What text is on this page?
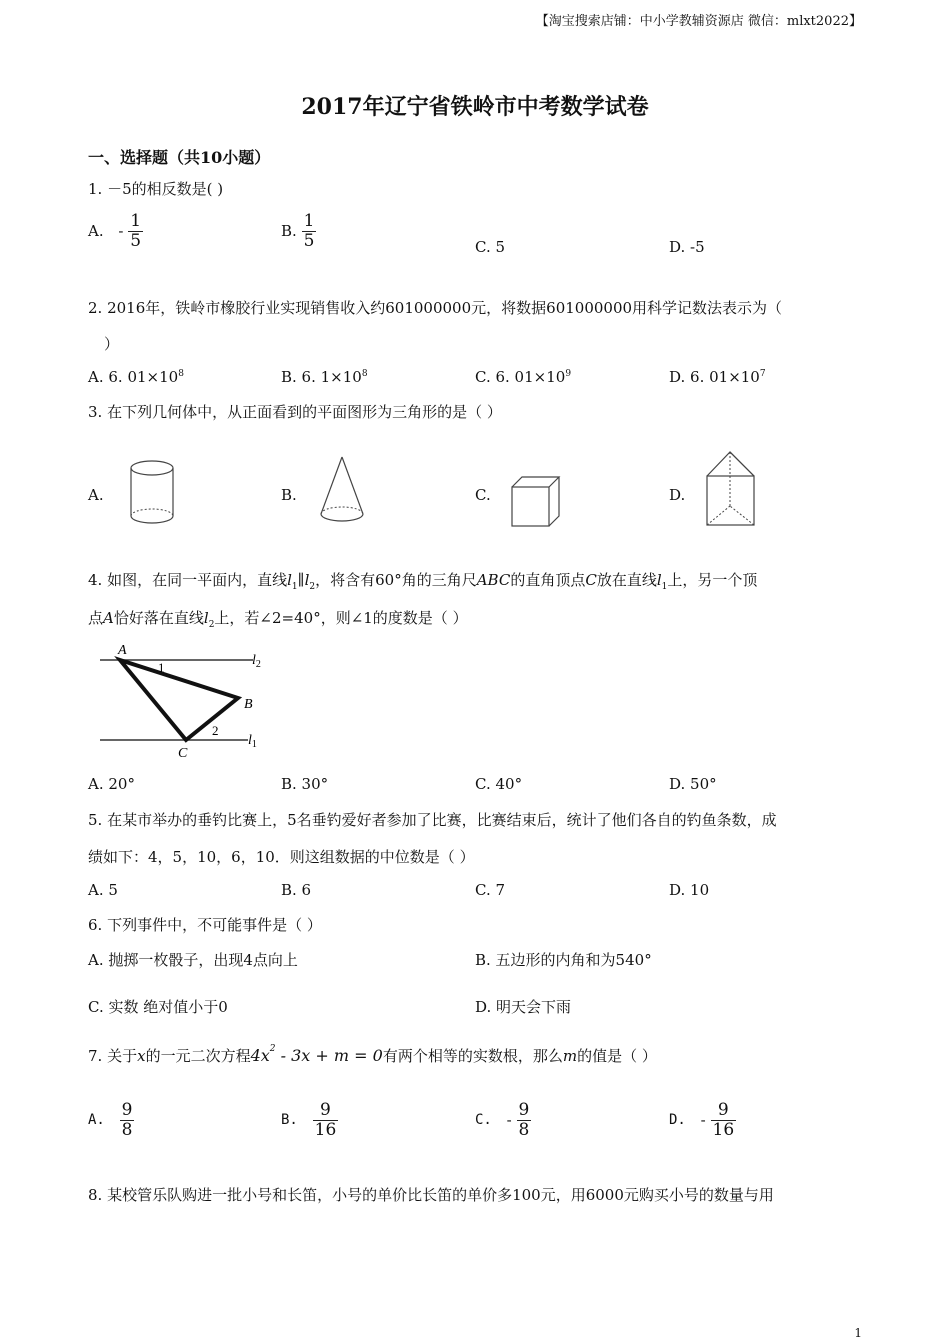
【淘宝搜索店铺：中小学教辅资源店 微信：mlxt2022】
2017年辽宁省铁岭市中考数学试卷
一、选择题（共10小题）
1. －5的相反数是( )
A. - $\frac{1}{5}$	B. $\frac{1}{5}$	C. 5	D. -5
2. 2016年，铁岭市橡胶行业实现销售收入约601000000元，将数据601000000用科学记数法表示为（
）
A. 6. $01\times 10^8$	B. 6. $1\times 10^8$	C. 6. $01\times 10^9$	D. 6. $01\times 10^7$
3. 在下列几何体中，从正面看到的平面图形为三角形的是（ ）
A.	B.	C.	D.
4. 如图，在同一平面内，直线$l_1\parallel l_2$，将含有60°角的三角尺ABC的直角顶点C放在直线$l_1$上，另一个顶
点A恰好落在直线$l_2$上，若∠2=40°，则∠1的度数是（ ）
A
B
C
1
2
$l_2$
$l_1$
A. 20°	B. 30°	C. 40°	D. 50°
5. 在某市举办的垂钓比赛上，5名垂钓爱好者参加了比赛，比赛结束后，统计了他们各自的钓鱼条数，成
绩如下：4，5，10，6，10．则这组数据的中位数是（ ）
A. 5	B. 6	C. 7	D. 10
6. 下列事件中，不可能事件是（ ）
A. 抛掷一枚骰子，出现4点向上	B. 五边形的内角和为540°
C. 实数 绝对值小于0	D. 明天会下雨
7. 关于x的一元二次方程$4x^2 - 3x + m = 0$有两个相等的实数根，那么m的值是（ ）
A. $\frac{9}{8}$	B. $\frac{9}{16}$	C. - $\frac{9}{8}$	D. - $\frac{9}{16}$
8. 某校管乐队购进一批小号和长笛，小号的单价比长笛的单价多100元，用6000元购买小号的数量与用
1
